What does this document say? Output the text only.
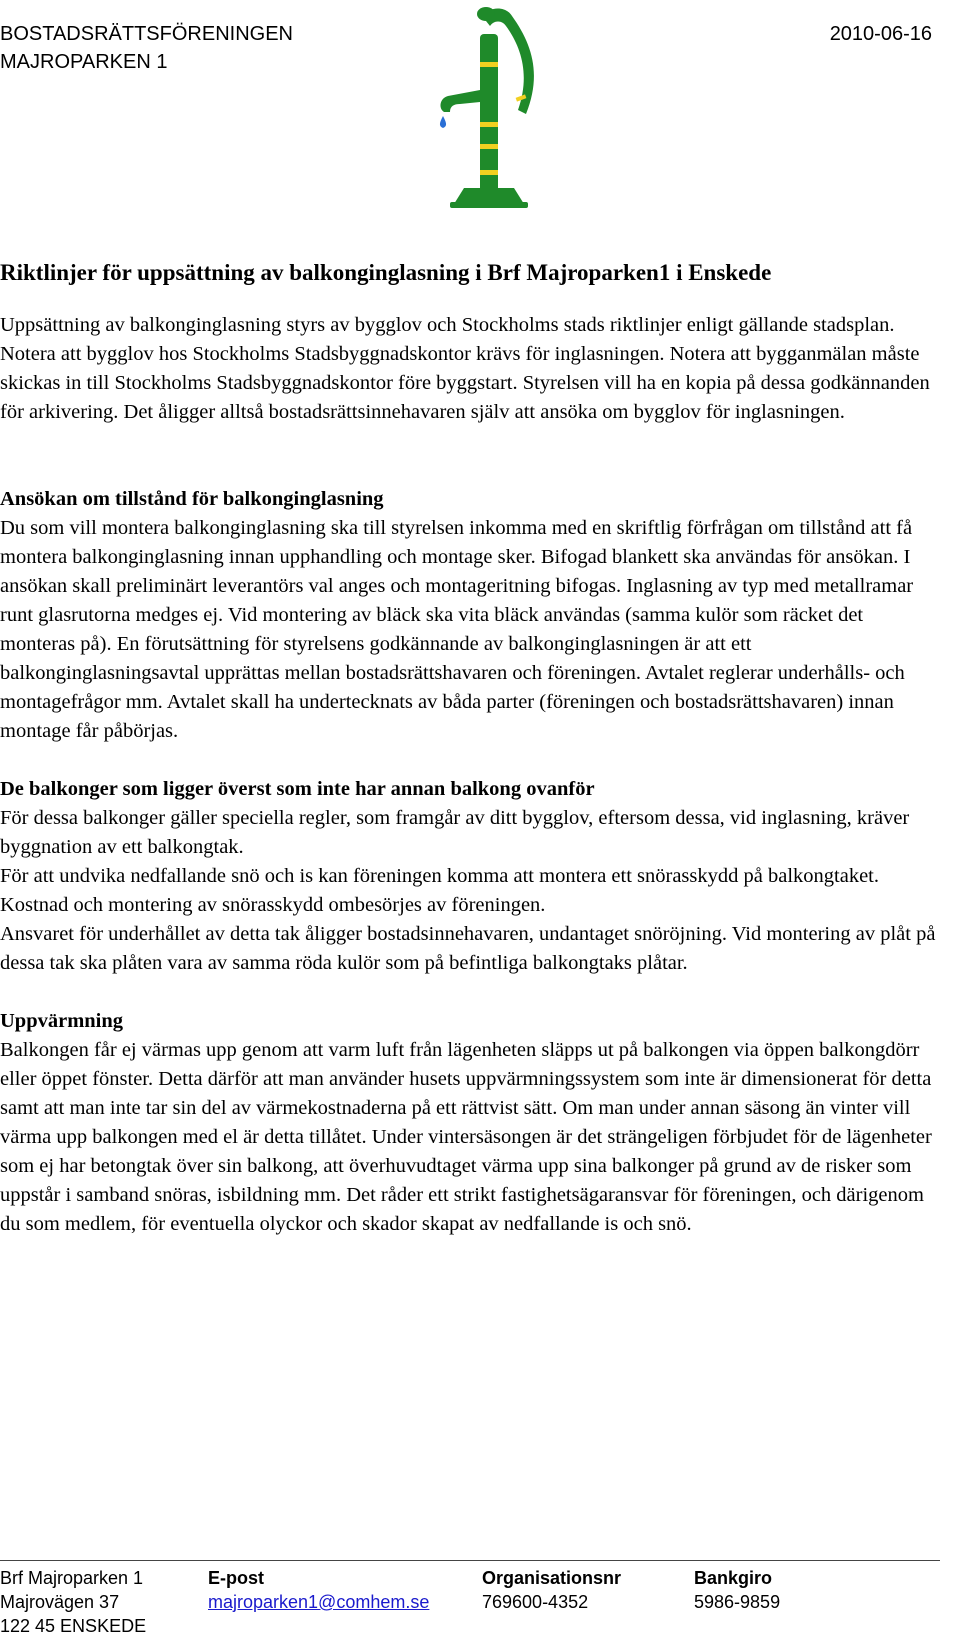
BOSTADSRÄTTSFÖRENINGEN
MAJROPARKEN 1
2010-06-16
Riktlinjer för uppsättning av balkonginglasning i Brf Majroparken1 i Enskede

Uppsättning av balkonginglasning styrs av bygglov och Stockholms stads riktlinjer enligt gällande stadsplan. Notera att bygglov hos Stockholms Stadsbyggnadskontor krävs för inglasningen. Notera att bygganmälan måste skickas in till Stockholms Stadsbyggnadskontor före byggstart. Styrelsen vill ha en kopia på dessa godkännanden för arkivering. Det åligger alltså bostadsrättsinnehavaren själv att ansöka om bygglov för inglasningen.

Ansökan om tillstånd för balkonginglasning

Du som vill montera balkonginglasning ska till styrelsen inkomma med en skriftlig förfrågan om tillstånd att få montera balkonginglasning innan upphandling och montage sker. Bifogad blankett ska användas för ansökan. I ansökan skall preliminärt leverantörs val anges och montageritning bifogas. Inglasning av typ med metallramar runt glasrutorna medges ej. Vid montering av bläck ska vita bläck användas (samma kulör som räcket det monteras på). En förutsättning för styrelsens godkännande av balkonginglasningen är att ett balkonginglasningsavtal upprättas mellan bostadsrättshavaren och föreningen. Avtalet reglerar underhålls- och montagefrågor mm. Avtalet skall ha undertecknats av båda parter (föreningen och bostadsrättshavaren) innan montage får påbörjas.

De balkonger som ligger överst som inte har annan balkong ovanför

För dessa balkonger gäller speciella regler, som framgår av ditt bygglov, eftersom dessa, vid inglasning, kräver byggnation av ett balkongtak.

För att undvika nedfallande snö och is kan föreningen komma att montera ett snörasskydd på balkongtaket. Kostnad och montering av snörasskydd ombesörjes av föreningen.

Ansvaret för underhållet av detta tak åligger bostadsinnehavaren, undantaget snöröjning. Vid montering av plåt på dessa tak ska plåten vara av samma röda kulör som på befintliga balkongtaks plåtar.

Uppvärmning

Balkongen får ej värmas upp genom att varm luft från lägenheten släpps ut på balkongen via öppen balkongdörr eller öppet fönster. Detta därför att man använder husets uppvärmningssystem som inte är dimensionerat för detta samt att man inte tar sin del av värmekostnaderna på ett rättvist sätt. Om man under annan säsong än vinter vill värma upp balkongen med el är detta tillåtet. Under vintersäsongen är det strängeligen förbjudet för de lägenheter som ej har betongtak över sin balkong, att överhuvudtaget värma upp sina balkonger på grund av de risker som uppstår i samband snöras, isbildning mm. Det råder ett strikt fastighetsägaransvar för föreningen, och därigenom du som medlem, för eventuella olyckor och skador skapat av nedfallande is och snö.

Brf Majroparken 1
Majrovägen 37
122 45 ENSKEDE
E-post
majroparken1@comhem.se
Organisationsnr
769600-4352
Bankgiro
5986-9859
